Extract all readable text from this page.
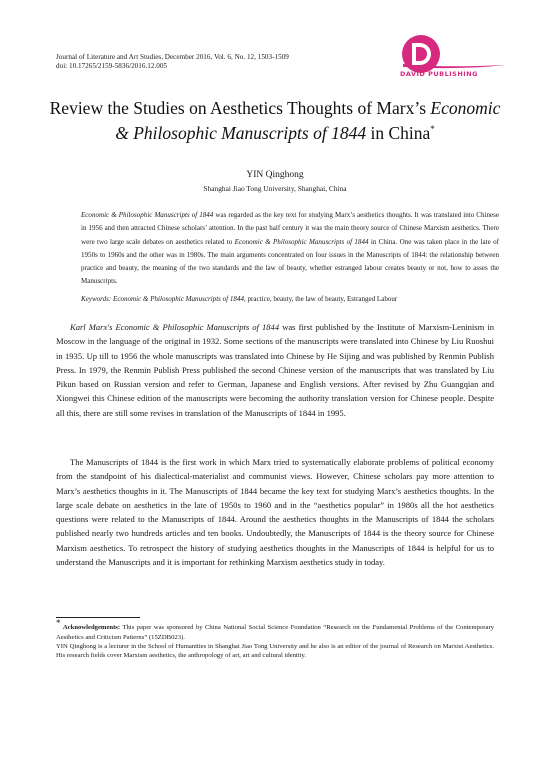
Journal of Literature and Art Studies, December 2016, Vol. 6, No. 12, 1503-1509
doi: 10.17265/2159-5836/2016.12.005
DAVID PUBLISHING
Review the Studies on Aesthetics Thoughts of Marx’s Economic
& Philosophic Manuscripts of 1844 in China*
YIN Qinghong
Shanghai Jiao Tong University, Shanghai, China
Economic & Philosophic Manuscripts of 1844 was regarded as the key text for studying Marx’s aesthetics thoughts. It was translated into Chinese in 1956 and then attracted Chinese scholars’ attention. In the past half century it was the main theory source of Chinese Marxism aesthetics. There were two large scale debates on aesthetics related to Economic & Philosophic Manuscripts of 1844 in China. One was taken place in the late of 1950s to 1960s and the other was in 1980s. The main arguments concentrated on four issues in the Manuscripts of 1844: the relationship between practice and beauty, the meaning of the two standards and the law of beauty, whether estranged labour creates beauty or not, how to asses the Manuscripts.
Keywords: Economic & Philosophic Manuscripts of 1844, practice, beauty, the law of beauty, Estranged Labour
Karl Marx's Economic & Philosophic Manuscripts of 1844 was first published by the Institute of Marxism-Leninism in Moscow in the language of the original in 1932. Some sections of the manuscripts were translated into Chinese by Liu Ruoshui in 1935. Up till to 1956 the whole manuscripts was translated into Chinese by He Sijing and was published by Renmin Publish Press. In 1979, the Renmin Publish Press published the second Chinese version of the manuscripts that was translated by Liu Pikun based on Russian version and refer to German, Japanese and English versions. After revised by Zhu Guangqian and Xiongwei this Chinese edition of the manuscripts were becoming the authority translation version for Chinese people. Despite all this, there are still some revises in translation of the Manuscripts of 1844 in 1995.
The Manuscripts of 1844 is the first work in which Marx tried to systematically elaborate problems of political economy from the standpoint of his dialectical-materialist and communist views. However, Chinese scholars pay more attention to Marx’s aesthetics thoughts in it. The Manuscripts of 1844 became the key text for studying Marx’s aesthetics thoughts. In the large scale debate on aesthetics in the late of 1950s to 1960 and in the “aesthetics popular” in 1980s all the hot aesthetics questions were related to the Manuscripts of 1844. Around the aesthetics thoughts in the Manuscripts of 1844 the scholars published nearly two hundreds articles and ten books. Undoubtedly, the Manuscripts of 1844 is the theory source for Chinese Marxism aesthetics. To retrospect the history of studying aesthetics thoughts in the Manuscripts of 1844 is helpful for us to understand the Manuscripts and it is important for rethinking Marxism aesthetics study in today.
* Acknowledgements: This paper was sponsored by China National Social Science Foundation “Research on the Fundamental Problems of the Contemporary Aesthetics and Criticism Patterns” (15ZDB023).
YIN Qinghong is a lecturer in the School of Humanities in Shanghai Jiao Tong University and he also is an editor of the journal of Research on Marxist Aesthetics. His research fields cover Marxism aesthetics, the anthropology of art, art and cultural identity.
